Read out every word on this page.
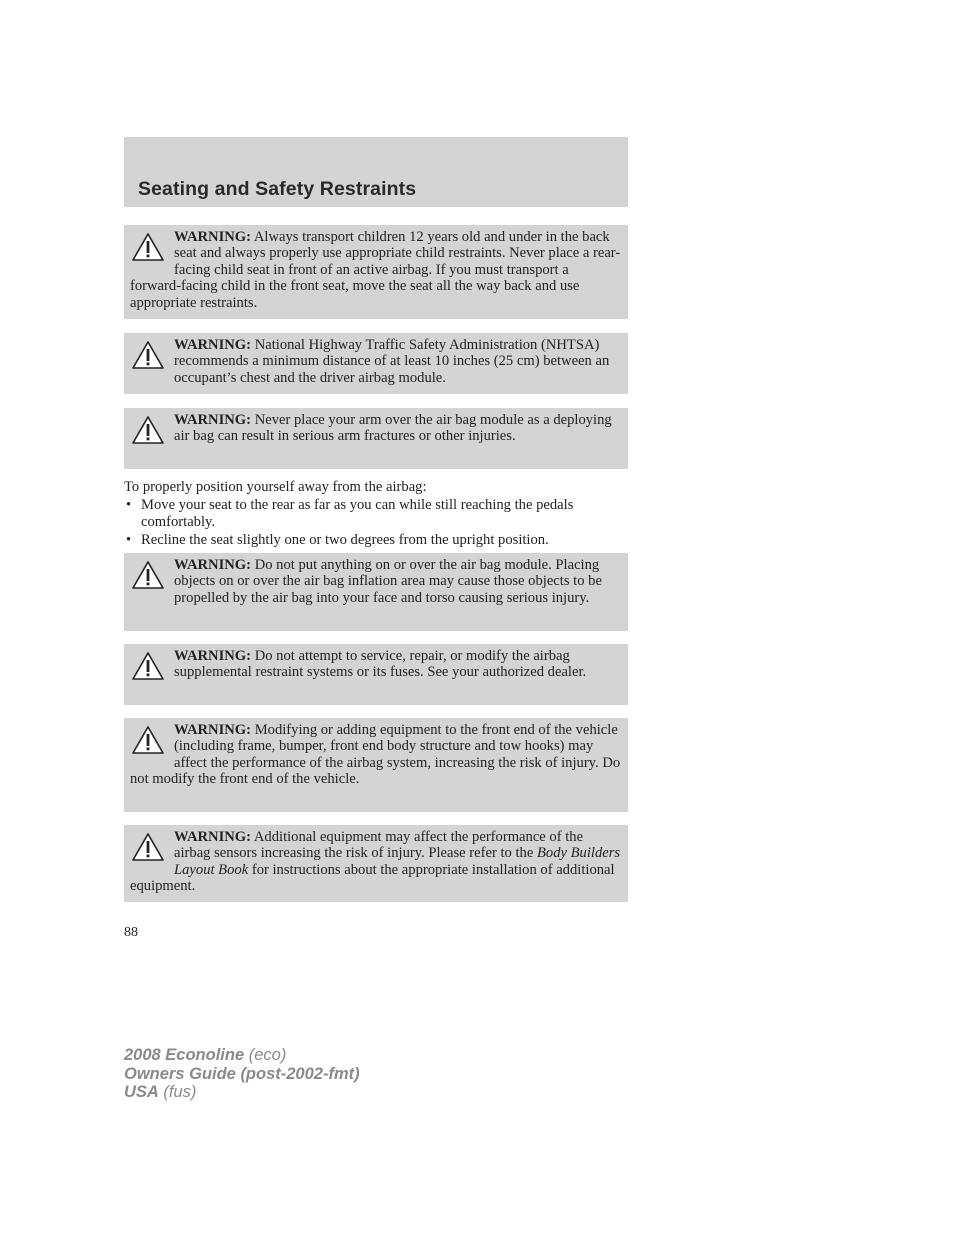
Seating and Safety Restraints
WARNING: Always transport children 12 years old and under in the back seat and always properly use appropriate child restraints. Never place a rear-facing child seat in front of an active airbag. If you must transport a forward-facing child in the front seat, move the seat all the way back and use appropriate restraints.
WARNING: National Highway Traffic Safety Administration (NHTSA) recommends a minimum distance of at least 10 inches (25 cm) between an occupant’s chest and the driver airbag module.
WARNING: Never place your arm over the air bag module as a deploying air bag can result in serious arm fractures or other injuries.
To properly position yourself away from the airbag:
• Move your seat to the rear as far as you can while still reaching the pedals comfortably.
• Recline the seat slightly one or two degrees from the upright position.
WARNING: Do not put anything on or over the air bag module. Placing objects on or over the air bag inflation area may cause those objects to be propelled by the air bag into your face and torso causing serious injury.
WARNING: Do not attempt to service, repair, or modify the airbag supplemental restraint systems or its fuses. See your authorized dealer.
WARNING: Modifying or adding equipment to the front end of the vehicle (including frame, bumper, front end body structure and tow hooks) may affect the performance of the airbag system, increasing the risk of injury. Do not modify the front end of the vehicle.
WARNING: Additional equipment may affect the performance of the airbag sensors increasing the risk of injury. Please refer to the Body Builders Layout Book for instructions about the appropriate installation of additional equipment.
88
2008 Econoline (eco)
Owners Guide (post-2002-fmt)
USA (fus)
